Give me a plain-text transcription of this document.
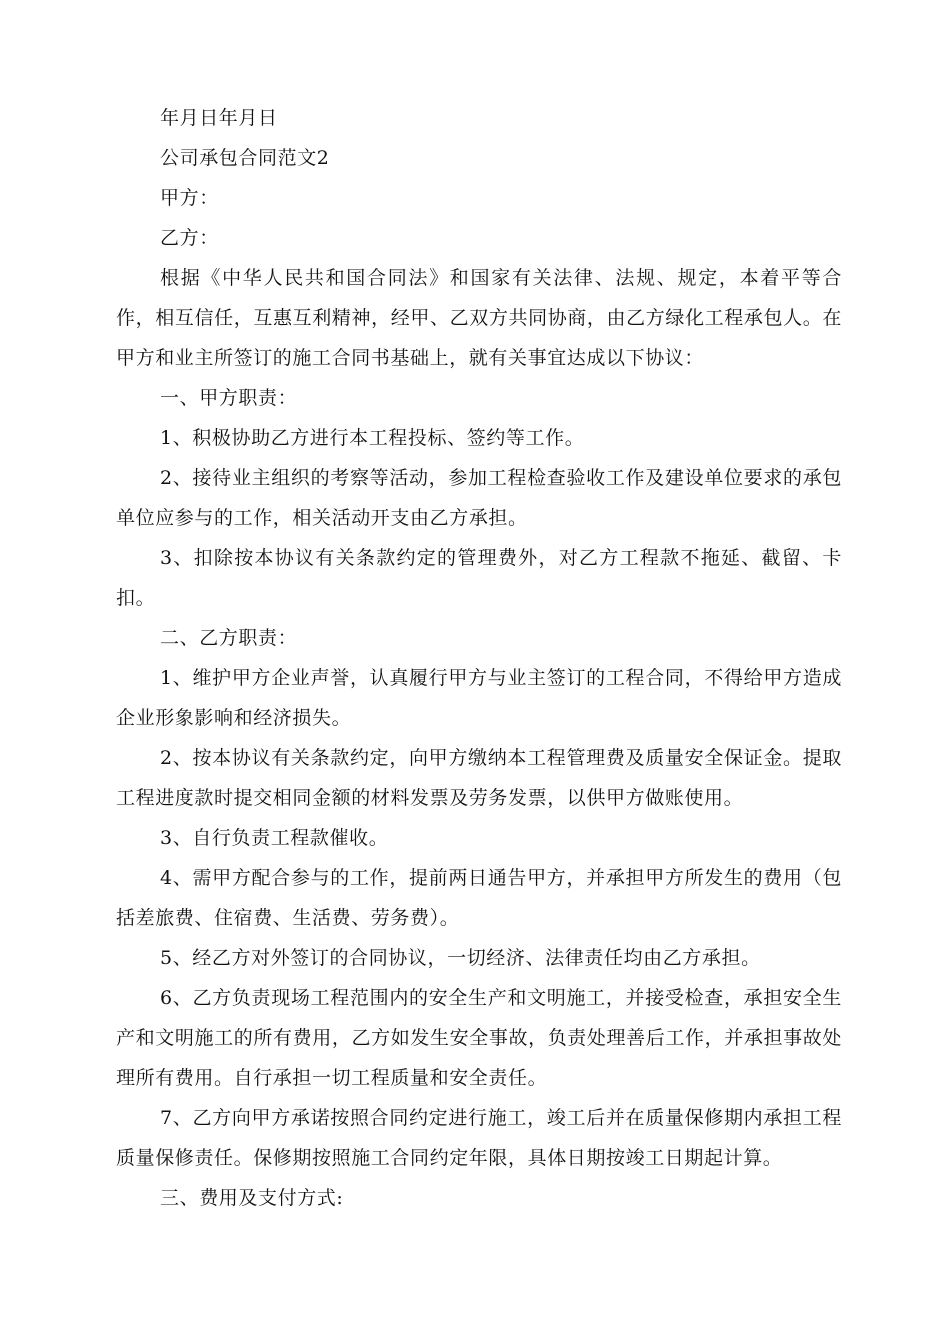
年月日年月日

公司承包合同范文2

甲方：

乙方：

根据《中华人民共和国合同法》和国家有关法律、法规、规定，本着平等合作，相互信任，互惠互利精神，经甲、乙双方共同协商，由乙方绿化工程承包人。在甲方和业主所签订的施工合同书基础上，就有关事宜达成以下协议：

一、甲方职责：

1、积极协助乙方进行本工程投标、签约等工作。

2、接待业主组织的考察等活动，参加工程检查验收工作及建设单位要求的承包单位应参与的工作，相关活动开支由乙方承担。

3、扣除按本协议有关条款约定的管理费外，对乙方工程款不拖延、截留、卡扣。

二、乙方职责：

1、维护甲方企业声誉，认真履行甲方与业主签订的工程合同，不得给甲方造成企业形象影响和经济损失。

2、按本协议有关条款约定，向甲方缴纳本工程管理费及质量安全保证金。提取工程进度款时提交相同金额的材料发票及劳务发票，以供甲方做账使用。

3、自行负责工程款催收。

4、需甲方配合参与的工作，提前两日通告甲方，并承担甲方所发生的费用（包括差旅费、住宿费、生活费、劳务费）。

5、经乙方对外签订的合同协议，一切经济、法律责任均由乙方承担。

6、乙方负责现场工程范围内的安全生产和文明施工，并接受检查，承担安全生产和文明施工的所有费用，乙方如发生安全事故，负责处理善后工作，并承担事故处理所有费用。自行承担一切工程质量和安全责任。

7、乙方向甲方承诺按照合同约定进行施工，竣工后并在质量保修期内承担工程质量保修责任。保修期按照施工合同约定年限，具体日期按竣工日期起计算。

三、费用及支付方式:
